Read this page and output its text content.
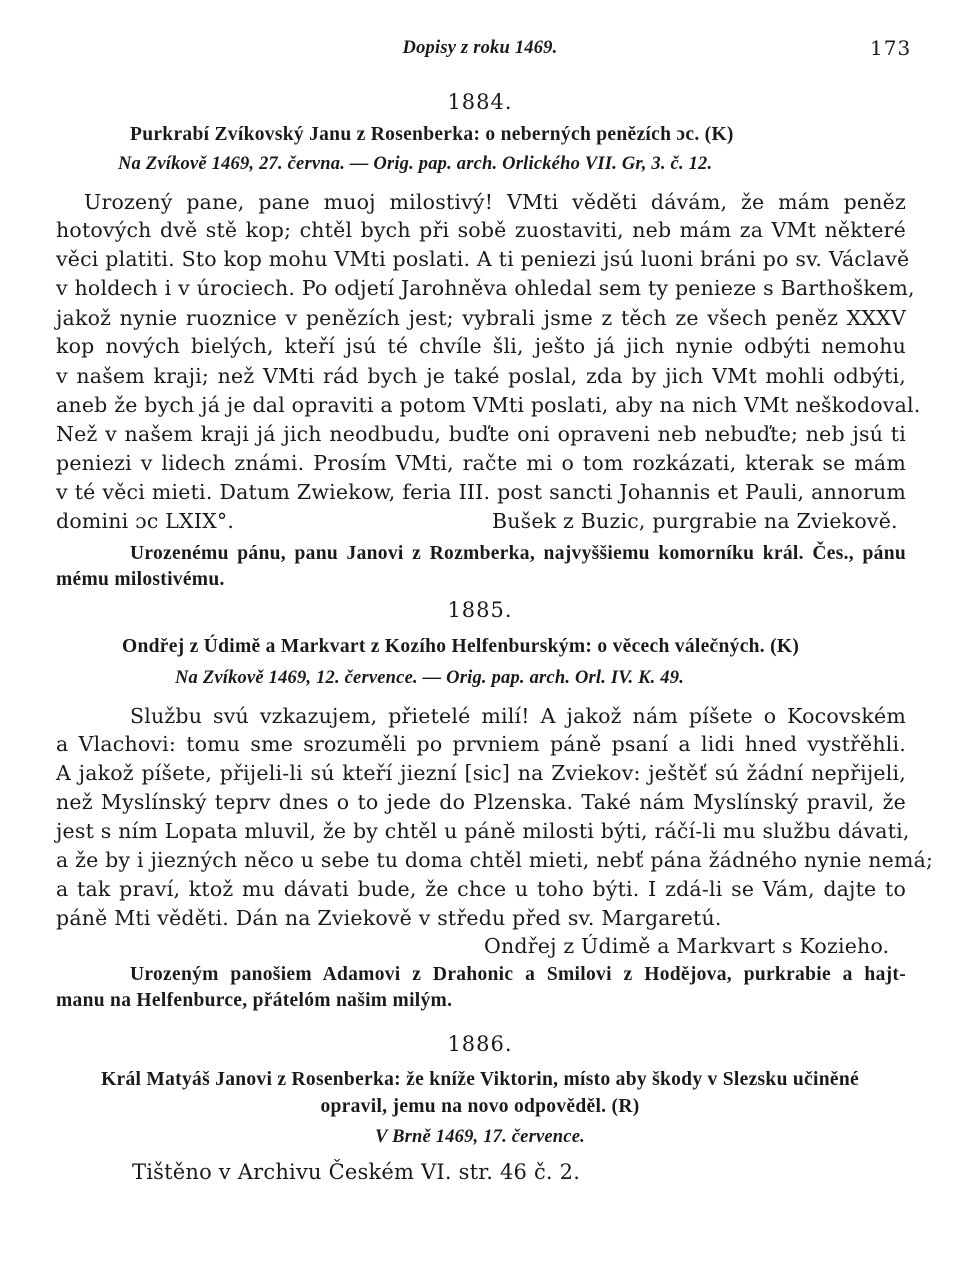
Dopisy z roku 1469.	173
1884.
Purkrabí Zvíkovský Janu z Rosenberka: o neberných penězích ɔc. (K)
Na Zvíkově 1469, 27. června. — Orig. pap. arch. Orlického VII. Gr, 3. č. 12.
Urozený pane, pane muoj milostivý! VMti věděti dávám, že mám peněz
hotových dvě stě kop; chtěl bych při sobě zuostaviti, neb mám za VMt některé
věci platiti. Sto kop mohu VMti poslati. A ti peniezi jsú luoni bráni po sv. Václavě
v holdech i v úrociech. Po odjetí Jarohněva ohledal sem ty penieze s Barthoškem,
jakož nynie ruoznice v penězích jest; vybrali jsme z těch ze všech peněz XXXV
kop nových bielých, kteří jsú té chvíle šli, ješto já jich nynie odbýti nemohu
v našem kraji; než VMti rád bych je také poslal, zda by jich VMt mohli odbýti,
aneb že bych já je dal opraviti a potom VMti poslati, aby na nich VMt neškodoval.
Než v našem kraji já jich neodbudu, buďte oni opraveni neb nebuďte; neb jsú ti
peniezi v lidech známi. Prosím VMti, račte mi o tom rozkázati, kterak se mám
v té věci mieti. Datum Zwiekow, feria III. post sancti Johannis et Pauli, annorum
domini ɔc LXIX°.	Bušek z Buzic, purgrabie na Zviekově.
Urozenému pánu, panu Janovi z Rozmberka, najvyššiemu komorníku král. Čes., pánu
mému milostivému.
1885.
Ondřej z Údimě a Markvart z Kozího Helfenburským: o věcech válečných. (K)
Na Zvíkově 1469, 12. července. — Orig. pap. arch. Orl. IV. K. 49.
Službu svú vzkazujem, přietelé milí! A jakož nám píšete o Kocovském
a Vlachovi: tomu sme srozuměli po prvniem páně psaní a lidi hned vystřěhli.
A jakož píšete, přijeli-li sú kteří jiezní [sic] na Zviekov: ještěť sú žádní nepřijeli,
než Myslínský teprv dnes o to jede do Plzenska. Také nám Myslínský pravil, že
jest s ním Lopata mluvil, že by chtěl u páně milosti býti, ráčí-li mu službu dávati,
a že by i jiezných něco u sebe tu doma chtěl mieti, nebť pána žádného nynie nemá;
a tak praví, ktož mu dávati bude, že chce u toho býti. I zdá-li se Vám, dajte to
páně Mti věděti. Dán na Zviekově v středu před sv. Margaretú.
Ondřej z Údimě a Markvart s Kozieho.
Urozeným panošiem Adamovi z Drahonic a Smilovi z Hodějova, purkrabie a hajt-
manu na Helfenburce, přátelóm našim milým.
1886.
Král Matyáš Janovi z Rosenberka: že kníže Viktorin, místo aby škody v Slezsku učiněné
opravil, jemu na novo odpověděl. (R)
V Brně 1469, 17. července.
Tištěno v Archivu Českém VI. str. 46 č. 2.
